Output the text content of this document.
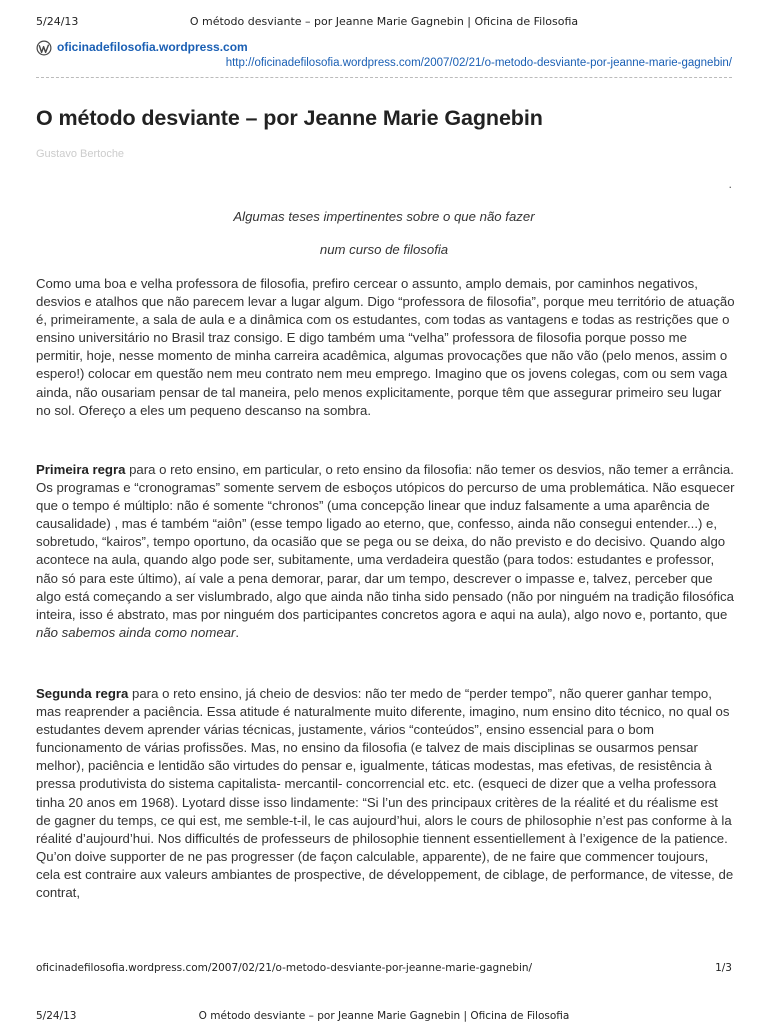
5/24/13	O método desviante – por Jeanne Marie Gagnebin | Oficina de Filosofia
oficinadefilosofia.wordpress.com
http://oficinadefilosofia.wordpress.com/2007/02/21/o-metodo-desviante-por-jeanne-marie-gagnebin/
O método desviante – por Jeanne Marie Gagnebin
Gustavo Bertoche
.
Algumas teses impertinentes sobre o que não fazer
num curso de filosofia

Como uma boa e velha professora de filosofia, prefiro cercear o assunto, amplo demais, por caminhos negativos, desvios e atalhos que não parecem levar a lugar algum. Digo “professora de filosofia”, porque meu território de atuação é, primeiramente, a sala de aula e a dinâmica com os estudantes, com todas as vantagens e todas as restrições que o ensino universitário no Brasil traz consigo. E digo também uma “velha” professora de filosofia porque posso me permitir, hoje, nesse momento de minha carreira acadêmica, algumas provocações que não vão (pelo menos, assim o espero!) colocar em questão nem meu contrato nem meu emprego. Imagino que os jovens colegas, com ou sem vaga ainda, não ousariam pensar de tal maneira, pelo menos explicitamente, porque têm que assegurar primeiro seu lugar no sol. Ofereço a eles um pequeno descanso na sombra.

Primeira regra para o reto ensino, em particular, o reto ensino da filosofia: não temer os desvios, não temer a errância. Os programas e “cronogramas” somente servem de esboços utópicos do percurso de uma problemática. Não esquecer que o tempo é múltiplo: não é somente “chronos” (uma concepção linear que induz falsamente a uma aparência de causalidade) , mas é também “aiôn” (esse tempo ligado ao eterno, que, confesso, ainda não consegui entender...) e, sobretudo, “kairos”, tempo oportuno, da ocasião que se pega ou se deixa, do não previsto e do decisivo. Quando algo acontece na aula, quando algo pode ser, subitamente, uma verdadeira questão (para todos: estudantes e professor, não só para este último), aí vale a pena demorar, parar, dar um tempo, descrever o impasse e, talvez, perceber que algo está começando a ser vislumbrado, algo que ainda não tinha sido pensado (não por ninguém na tradição filosófica inteira, isso é abstrato, mas por ninguém dos participantes concretos agora e aqui na aula), algo novo e, portanto, que não sabemos ainda como nomear.

Segunda regra para o reto ensino, já cheio de desvios: não ter medo de “perder tempo”, não querer ganhar tempo, mas reaprender a paciência. Essa atitude é naturalmente muito diferente, imagino, num ensino dito técnico, no qual os estudantes devem aprender várias técnicas, justamente, vários “conteúdos”, ensino essencial para o bom funcionamento de várias profissões. Mas, no ensino da filosofia (e talvez de mais disciplinas se ousarmos pensar melhor), paciência e lentidão são virtudes do pensar e, igualmente, táticas modestas, mas efetivas, de resistência à pressa produtivista do sistema capitalista- mercantil- concorrencial etc. etc. (esqueci de dizer que a velha professora tinha 20 anos em 1968). Lyotard disse isso lindamente: “Si l’un des principaux critères de la réalité et du réalisme est de gagner du temps, ce qui est, me semble-t-il, le cas aujourd’hui, alors le cours de philosophie n’est pas conforme à la réalité d’aujourd’hui. Nos difficultés de professeurs de philosophie tiennent essentiellement à l’exigence de la patience. Qu’on doive supporter de ne pas progresser (de façon calculable, apparente), de ne faire que commencer toujours, cela est contraire aux valeurs ambiantes de prospective, de développement, de ciblage, de performance, de vitesse, de contrat,

oficinadefilosofia.wordpress.com/2007/02/21/o-metodo-desviante-por-jeanne-marie-gagnebin/	1/3
5/24/13	O método desviante – por Jeanne Marie Gagnebin | Oficina de Filosofia
